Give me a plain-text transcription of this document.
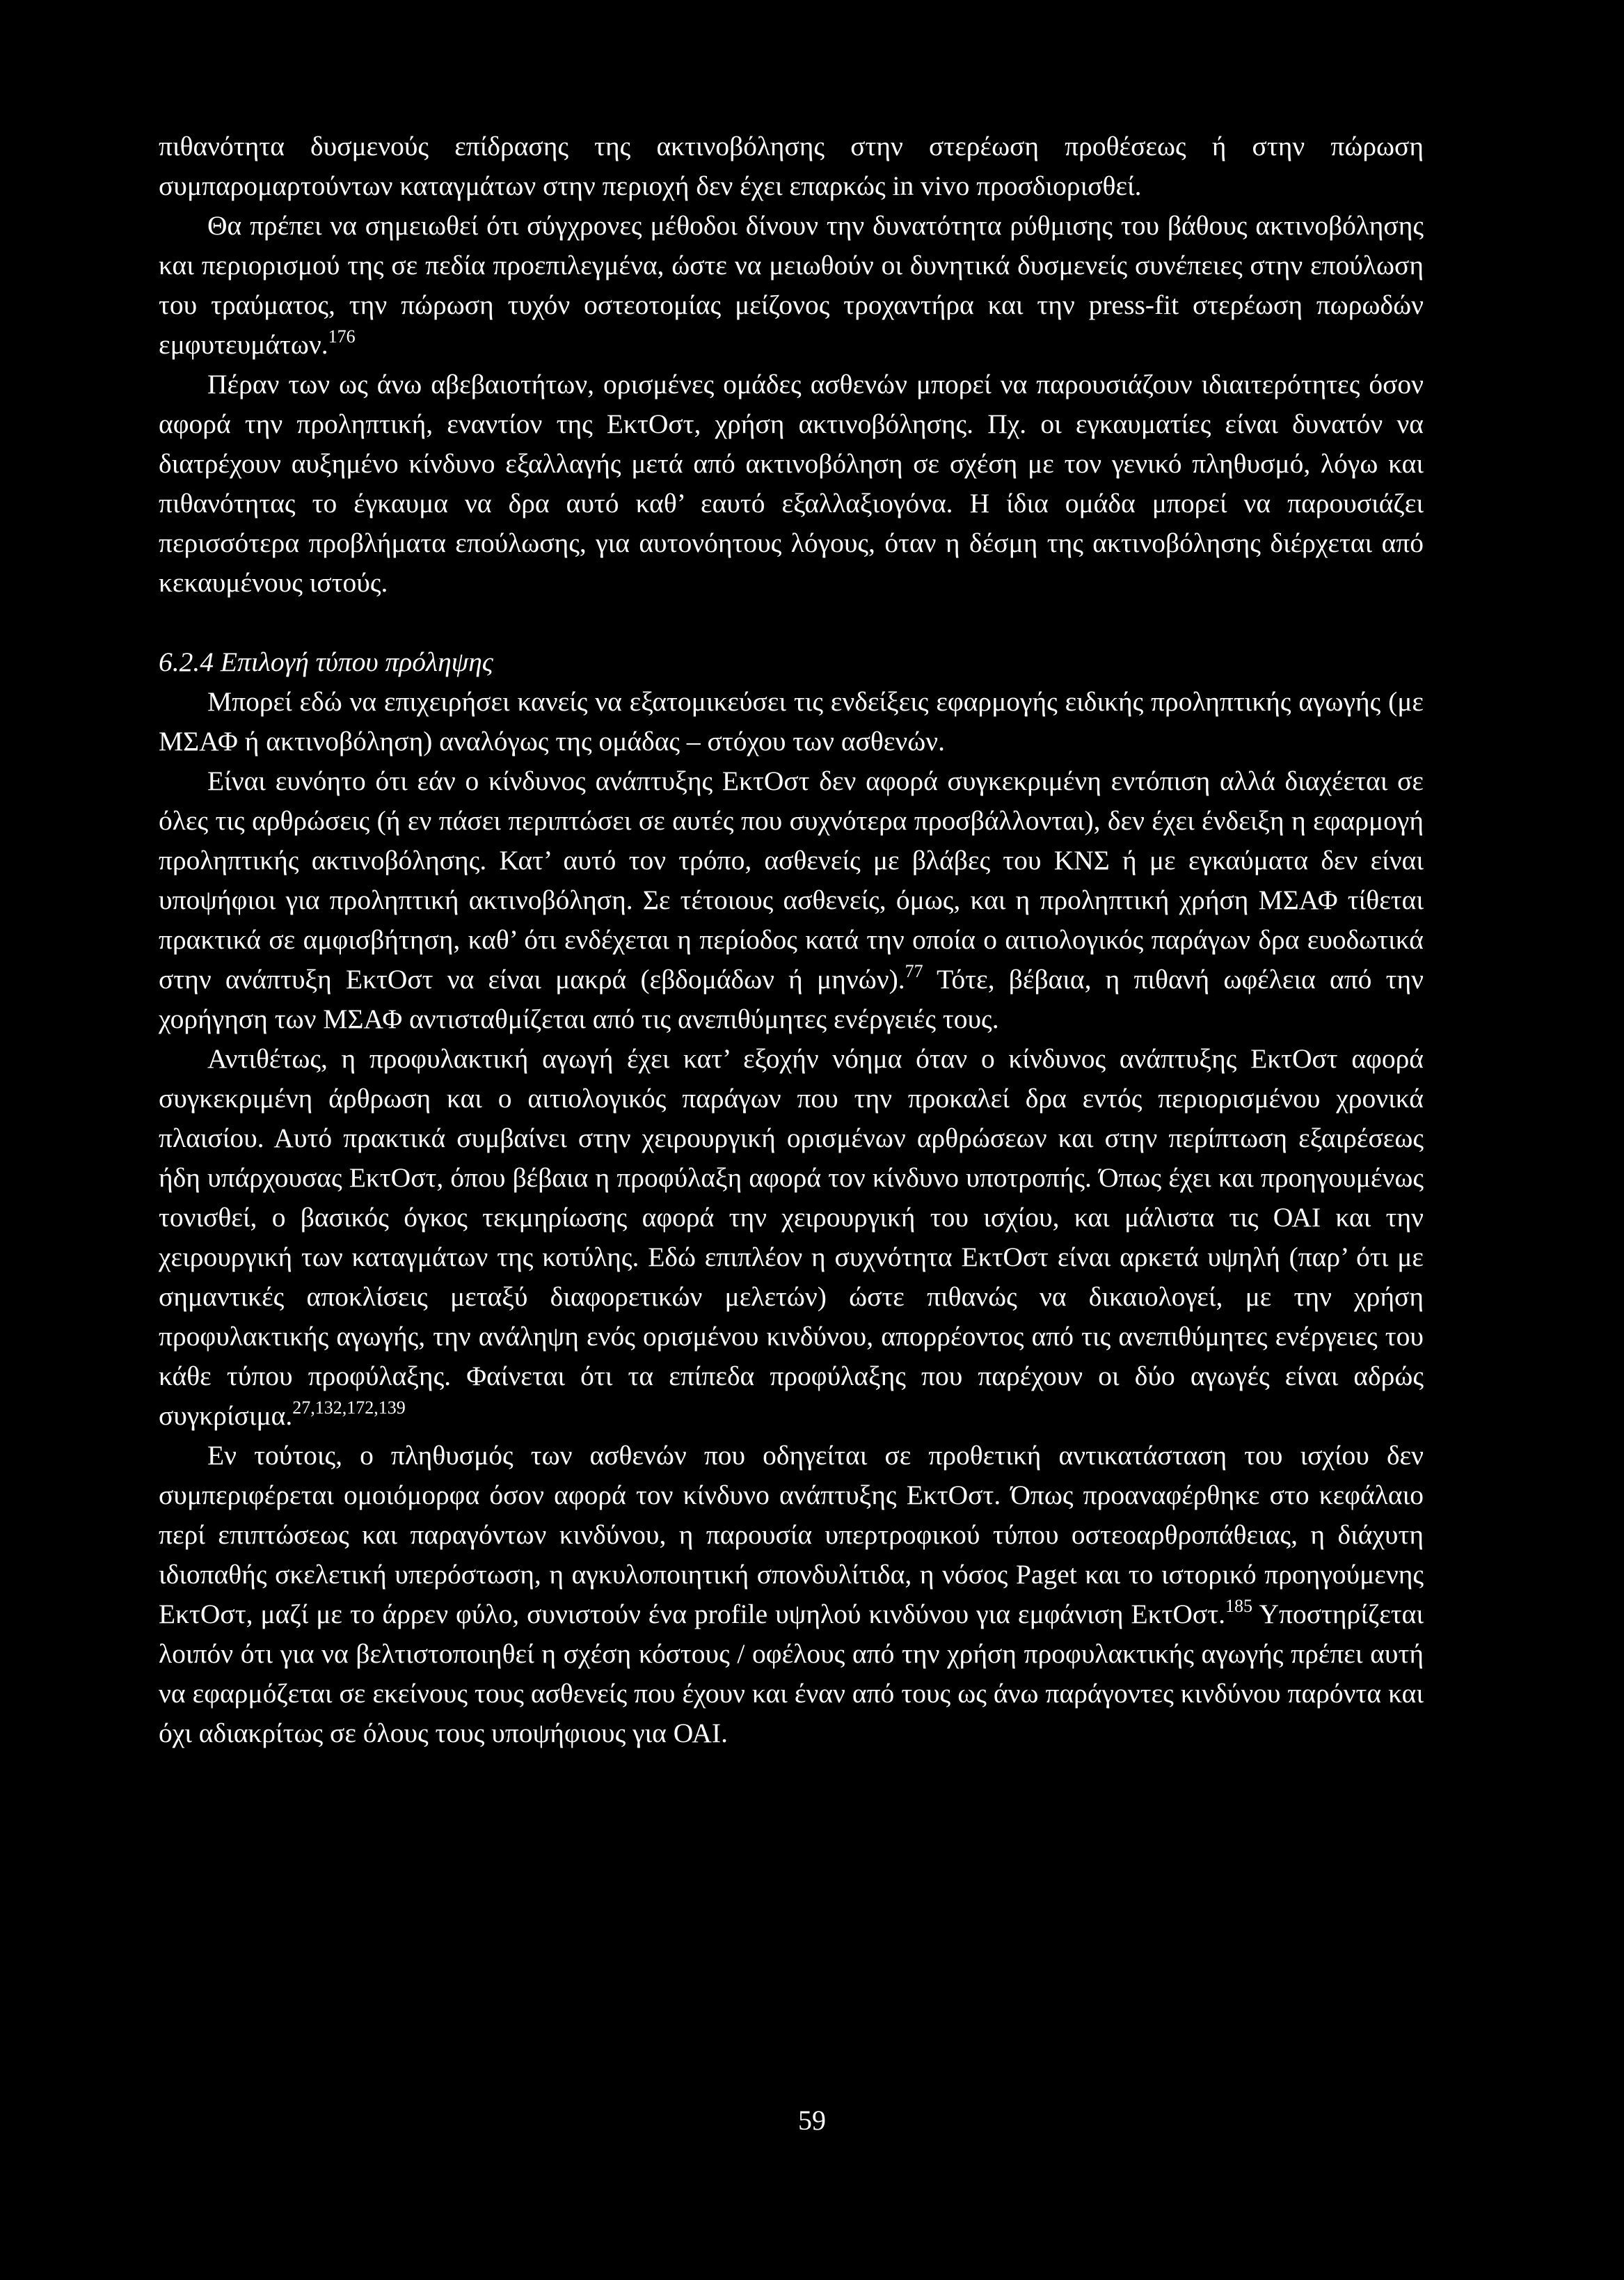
πιθανότητα δυσμενούς επίδρασης της ακτινοβόλησης στην στερέωση προθέσεως ή στην πώρωση συμπαρομαρτούντων καταγμάτων στην περιοχή δεν έχει επαρκώς in vivo προσδιορισθεί.

Θα πρέπει να σημειωθεί ότι σύγχρονες μέθοδοι δίνουν την δυνατότητα ρύθμισης του βάθους ακτινοβόλησης και περιορισμού της σε πεδία προεπιλεγμένα, ώστε να μειωθούν οι δυνητικά δυσμενείς συνέπειες στην επούλωση του τραύματος, την πώρωση τυχόν οστεοτομίας μείζονος τροχαντήρα και την press-fit στερέωση πωρωδών εμφυτευμάτων.$^{176}$

Πέραν των ως άνω αβεβαιοτήτων, ορισμένες ομάδες ασθενών μπορεί να παρουσιάζουν ιδιαιτερότητες όσον αφορά την προληπτική, εναντίον της ΕκτΟστ, χρήση ακτινοβόλησης. Πχ. οι εγκαυματίες είναι δυνατόν να διατρέχουν αυξημένο κίνδυνο εξαλλαγής μετά από ακτινοβόληση σε σχέση με τον γενικό πληθυσμό, λόγω και πιθανότητας το έγκαυμα να δρα αυτό καθ’ εαυτό εξαλλαξιογόνα. Η ίδια ομάδα μπορεί να παρουσιάζει περισσότερα προβλήματα επούλωσης, για αυτονόητους λόγους, όταν η δέσμη της ακτινοβόλησης διέρχεται από κεκαυμένους ιστούς.

6.2.4 Επιλογή τύπου πρόληψης

Μπορεί εδώ να επιχειρήσει κανείς να εξατομικεύσει τις ενδείξεις εφαρμογής ειδικής προληπτικής αγωγής (με ΜΣΑΦ ή ακτινοβόληση) αναλόγως της ομάδας – στόχου των ασθενών.

Είναι ευνόητο ότι εάν ο κίνδυνος ανάπτυξης ΕκτΟστ δεν αφορά συγκεκριμένη εντόπιση αλλά διαχέεται σε όλες τις αρθρώσεις (ή εν πάσει περιπτώσει σε αυτές που συχνότερα προσβάλλονται), δεν έχει ένδειξη η εφαρμογή προληπτικής ακτινοβόλησης. Κατ’ αυτό τον τρόπο, ασθενείς με βλάβες του ΚΝΣ ή με εγκαύματα δεν είναι υποψήφιοι για προληπτική ακτινοβόληση. Σε τέτοιους ασθενείς, όμως, και η προληπτική χρήση ΜΣΑΦ τίθεται πρακτικά σε αμφισβήτηση, καθ’ ότι ενδέχεται η περίοδος κατά την οποία ο αιτιολογικός παράγων δρα ευοδωτικά στην ανάπτυξη ΕκτΟστ να είναι μακρά (εβδομάδων ή μηνών).$^{77}$ Τότε, βέβαια, η πιθανή ωφέλεια από την χορήγηση των ΜΣΑΦ αντισταθμίζεται από τις ανεπιθύμητες ενέργειές τους.

Αντιθέτως, η προφυλακτική αγωγή έχει κατ’ εξοχήν νόημα όταν ο κίνδυνος ανάπτυξης ΕκτΟστ αφορά συγκεκριμένη άρθρωση και ο αιτιολογικός παράγων που την προκαλεί δρα εντός περιορισμένου χρονικά πλαισίου. Αυτό πρακτικά συμβαίνει στην χειρουργική ορισμένων αρθρώσεων και στην περίπτωση εξαιρέσεως ήδη υπάρχουσας ΕκτΟστ, όπου βέβαια η προφύλαξη αφορά τον κίνδυνο υποτροπής. Όπως έχει και προηγουμένως τονισθεί, ο βασικός όγκος τεκμηρίωσης αφορά την χειρουργική του ισχίου, και μάλιστα τις ΟΑΙ και την χειρουργική των καταγμάτων της κοτύλης. Εδώ επιπλέον η συχνότητα ΕκτΟστ είναι αρκετά υψηλή (παρ’ ότι με σημαντικές αποκλίσεις μεταξύ διαφορετικών μελετών) ώστε πιθανώς να δικαιολογεί, με την χρήση προφυλακτικής αγωγής, την ανάληψη ενός ορισμένου κινδύνου, απορρέοντος από τις ανεπιθύμητες ενέργειες του κάθε τύπου προφύλαξης. Φαίνεται ότι τα επίπεδα προφύλαξης που παρέχουν οι δύο αγωγές είναι αδρώς συγκρίσιμα.$^{27,132,172,139}$

Εν τούτοις, ο πληθυσμός των ασθενών που οδηγείται σε προθετική αντικατάσταση του ισχίου δεν συμπεριφέρεται ομοιόμορφα όσον αφορά τον κίνδυνο ανάπτυξης ΕκτΟστ. Όπως προαναφέρθηκε στο κεφάλαιο περί επιπτώσεως και παραγόντων κινδύνου, η παρουσία υπερτροφικού τύπου οστεοαρθροπάθειας, η διάχυτη ιδιοπαθής σκελετική υπερόστωση, η αγκυλοποιητική σπονδυλίτιδα, η νόσος Paget και το ιστορικό προηγούμενης ΕκτΟστ, μαζί με το άρρεν φύλο, συνιστούν ένα profile υψηλού κινδύνου για εμφάνιση ΕκτΟστ.$^{185}$ Υποστηρίζεται λοιπόν ότι για να βελτιστοποιηθεί η σχέση κόστους / οφέλους από την χρήση προφυλακτικής αγωγής πρέπει αυτή να εφαρμόζεται σε εκείνους τους ασθενείς που έχουν και έναν από τους ως άνω παράγοντες κινδύνου παρόντα και όχι αδιακρίτως σε όλους τους υποψήφιους για ΟΑΙ.

59
